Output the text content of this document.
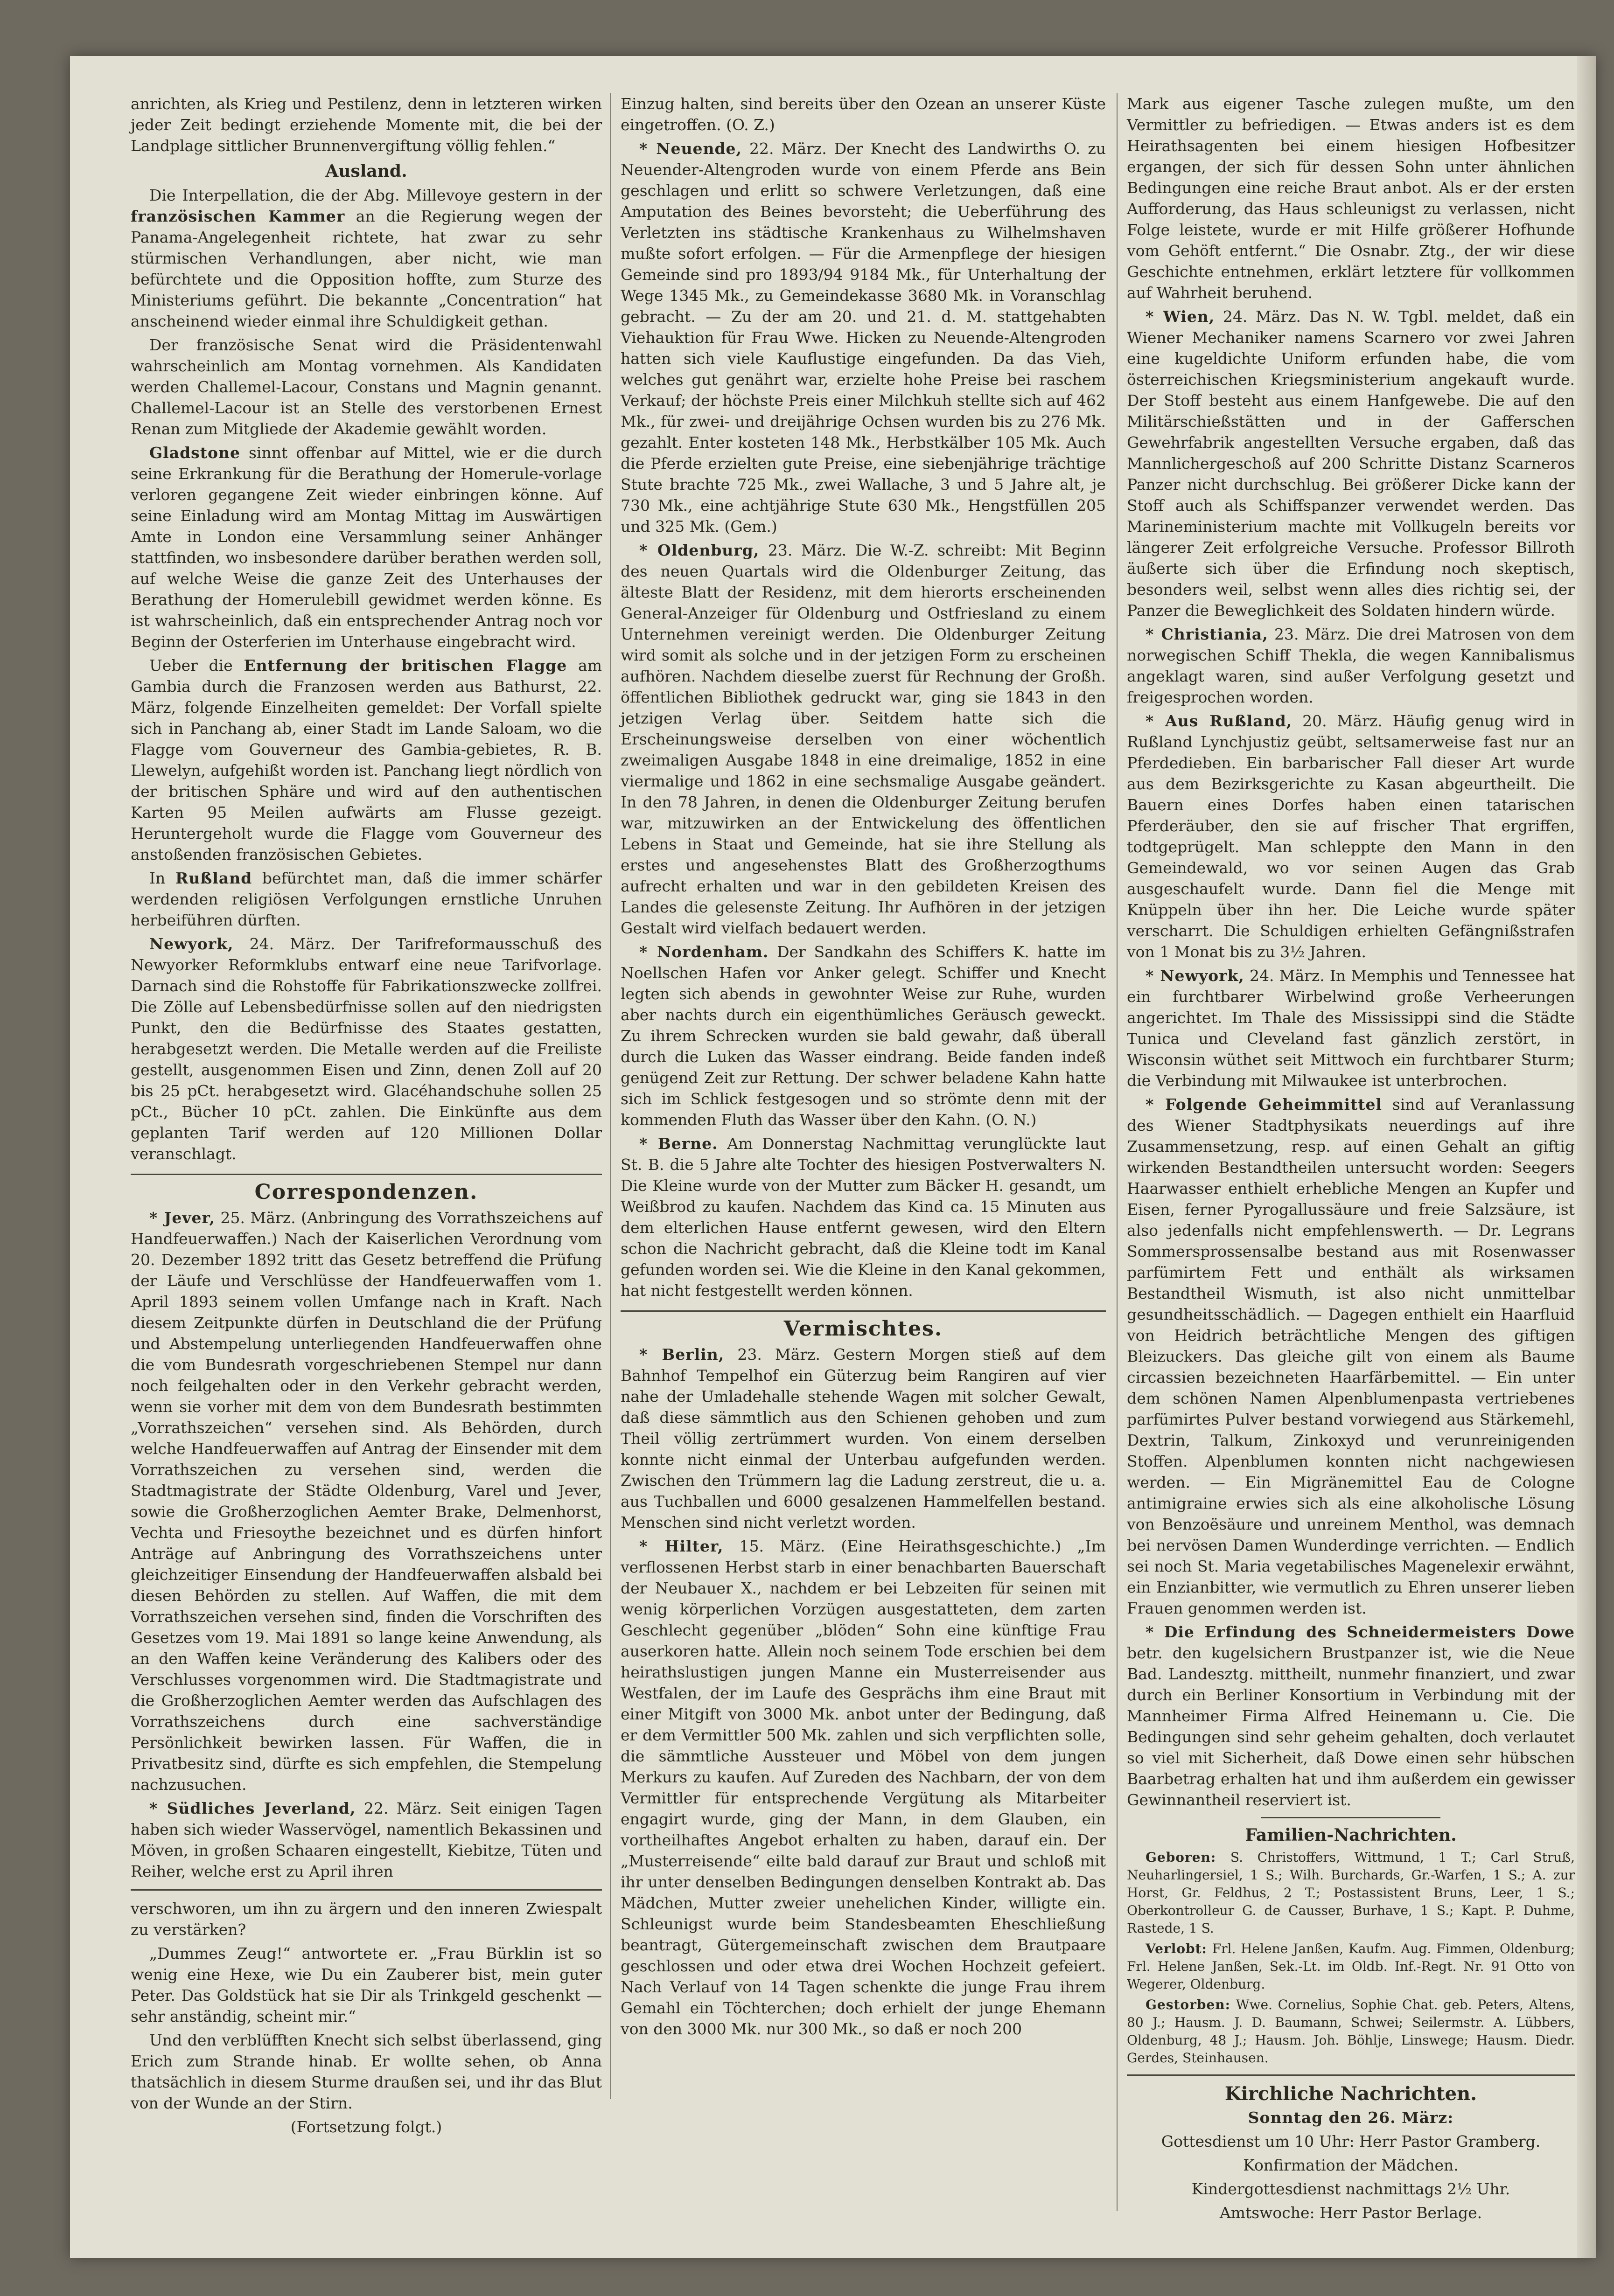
anrichten, als Krieg und Pestilenz, denn in letzteren wirken jeder Zeit bedingt erziehende Momente mit, die bei der Landplage sittlicher Brunnenvergiftung völlig fehlen.“

Ausland.

Die Interpellation, die der Abg. Millevoye gestern in der französischen Kammer an die Regierung wegen der Panama-Angelegenheit richtete, hat zwar zu sehr stürmischen Verhandlungen, aber nicht, wie man befürchtete und die Opposition hoffte, zum Sturze des Ministeriums geführt. Die bekannte „Concentration“ hat anscheinend wieder einmal ihre Schuldigkeit gethan.

Der französische Senat wird die Präsidentenwahl wahrscheinlich am Montag vornehmen. Als Kandidaten werden Challemel-Lacour, Constans und Magnin genannt. Challemel-Lacour ist an Stelle des verstorbenen Ernest Renan zum Mitgliede der Akademie gewählt worden.

Gladstone sinnt offenbar auf Mittel, wie er die durch seine Erkrankung für die Berathung der Homerule-vorlage verloren gegangene Zeit wieder einbringen könne. Auf seine Einladung wird am Montag Mittag im Auswärtigen Amte in London eine Versammlung seiner Anhänger stattfinden, wo insbesondere darüber berathen werden soll, auf welche Weise die ganze Zeit des Unterhauses der Berathung der Homerulebill gewidmet werden könne. Es ist wahrscheinlich, daß ein entsprechender Antrag noch vor Beginn der Osterferien im Unterhause eingebracht wird.

Ueber die Entfernung der britischen Flagge am Gambia durch die Franzosen werden aus Bathurst, 22. März, folgende Einzelheiten gemeldet: Der Vorfall spielte sich in Panchang ab, einer Stadt im Lande Saloam, wo die Flagge vom Gouverneur des Gambia-gebietes, R. B. Llewelyn, aufgehißt worden ist. Panchang liegt nördlich von der britischen Sphäre und wird auf den authentischen Karten 95 Meilen aufwärts am Flusse gezeigt. Heruntergeholt wurde die Flagge vom Gouverneur des anstoßenden französischen Gebietes.

In Rußland befürchtet man, daß die immer schärfer werdenden religiösen Verfolgungen ernstliche Unruhen herbeiführen dürften.

Newyork, 24. März. Der Tarifreformausschuß des Newyorker Reformklubs entwarf eine neue Tarifvorlage. Darnach sind die Rohstoffe für Fabrikationszwecke zollfrei. Die Zölle auf Lebensbedürfnisse sollen auf den niedrigsten Punkt, den die Bedürfnisse des Staates gestatten, herabgesetzt werden. Die Metalle werden auf die Freiliste gestellt, ausgenommen Eisen und Zinn, denen Zoll auf 20 bis 25 pCt. herabgesetzt wird. Glacéhandschuhe sollen 25 pCt., Bücher 10 pCt. zahlen. Die Einkünfte aus dem geplanten Tarif werden auf 120 Millionen Dollar veranschlagt.

Correspondenzen.

* Jever, 25. März. (Anbringung des Vorrathszeichens auf Handfeuerwaffen.) Nach der Kaiserlichen Verordnung vom 20. Dezember 1892 tritt das Gesetz betreffend die Prüfung der Läufe und Verschlüsse der Handfeuerwaffen vom 1. April 1893 seinem vollen Umfange nach in Kraft. Nach diesem Zeitpunkte dürfen in Deutschland die der Prüfung und Abstempelung unterliegenden Handfeuerwaffen ohne die vom Bundesrath vorgeschriebenen Stempel nur dann noch feilgehalten oder in den Verkehr gebracht werden, wenn sie vorher mit dem von dem Bundesrath bestimmten „Vorrathszeichen“ versehen sind. Als Behörden, durch welche Handfeuerwaffen auf Antrag der Einsender mit dem Vorrathszeichen zu versehen sind, werden die Stadtmagistrate der Städte Oldenburg, Varel und Jever, sowie die Großherzoglichen Aemter Brake, Delmenhorst, Vechta und Friesoythe bezeichnet und es dürfen hinfort Anträge auf Anbringung des Vorrathszeichens unter gleichzeitiger Einsendung der Handfeuerwaffen alsbald bei diesen Behörden zu stellen. Auf Waffen, die mit dem Vorrathszeichen versehen sind, finden die Vorschriften des Gesetzes vom 19. Mai 1891 so lange keine Anwendung, als an den Waffen keine Veränderung des Kalibers oder des Verschlusses vorgenommen wird. Die Stadtmagistrate und die Großherzoglichen Aemter werden das Aufschlagen des Vorrathszeichens durch eine sachverständige Persönlichkeit bewirken lassen. Für Waffen, die in Privatbesitz sind, dürfte es sich empfehlen, die Stempelung nachzusuchen.

* Südliches Jeverland, 22. März. Seit einigen Tagen haben sich wieder Wasservögel, namentlich Bekassinen und Möven, in großen Schaaren eingestellt, Kiebitze, Tüten und Reiher, welche erst zu April ihren

verschworen, um ihn zu ärgern und den inneren Zwiespalt zu verstärken?

„Dummes Zeug!“ antwortete er. „Frau Bürklin ist so wenig eine Hexe, wie Du ein Zauberer bist, mein guter Peter. Das Goldstück hat sie Dir als Trinkgeld geschenkt — sehr anständig, scheint mir.“

Und den verblüfften Knecht sich selbst überlassend, ging Erich zum Strande hinab. Er wollte sehen, ob Anna thatsächlich in diesem Sturme draußen sei, und ihr das Blut von der Wunde an der Stirn.

(Fortsetzung folgt.)

Einzug halten, sind bereits über den Ozean an unserer Küste eingetroffen. (O. Z.)

* Neuende, 22. März. Der Knecht des Landwirths O. zu Neuender-Altengroden wurde von einem Pferde ans Bein geschlagen und erlitt so schwere Verletzungen, daß eine Amputation des Beines bevorsteht; die Ueberführung des Verletzten ins städtische Krankenhaus zu Wilhelmshaven mußte sofort erfolgen. — Für die Armenpflege der hiesigen Gemeinde sind pro 1893/94 9184 Mk., für Unterhaltung der Wege 1345 Mk., zu Gemeindekasse 3680 Mk. in Voranschlag gebracht. — Zu der am 20. und 21. d. M. stattgehabten Viehauktion für Frau Wwe. Hicken zu Neuende-Altengroden hatten sich viele Kauflustige eingefunden. Da das Vieh, welches gut genährt war, erzielte hohe Preise bei raschem Verkauf; der höchste Preis einer Milchkuh stellte sich auf 462 Mk., für zwei- und dreijährige Ochsen wurden bis zu 276 Mk. gezahlt. Enter kosteten 148 Mk., Herbstkälber 105 Mk. Auch die Pferde erzielten gute Preise, eine siebenjährige trächtige Stute brachte 725 Mk., zwei Wallache, 3 und 5 Jahre alt, je 730 Mk., eine achtjährige Stute 630 Mk., Hengstfüllen 205 und 325 Mk. (Gem.)

* Oldenburg, 23. März. Die W.-Z. schreibt: Mit Beginn des neuen Quartals wird die Oldenburger Zeitung, das älteste Blatt der Residenz, mit dem hierorts erscheinenden General-Anzeiger für Oldenburg und Ostfriesland zu einem Unternehmen vereinigt werden. Die Oldenburger Zeitung wird somit als solche und in der jetzigen Form zu erscheinen aufhören. Nachdem dieselbe zuerst für Rechnung der Großh. öffentlichen Bibliothek gedruckt war, ging sie 1843 in den jetzigen Verlag über. Seitdem hatte sich die Erscheinungsweise derselben von einer wöchentlich zweimaligen Ausgabe 1848 in eine dreimalige, 1852 in eine viermalige und 1862 in eine sechsmalige Ausgabe geändert. In den 78 Jahren, in denen die Oldenburger Zeitung berufen war, mitzuwirken an der Entwickelung des öffentlichen Lebens in Staat und Gemeinde, hat sie ihre Stellung als erstes und angesehenstes Blatt des Großherzogthums aufrecht erhalten und war in den gebildeten Kreisen des Landes die gelesenste Zeitung. Ihr Aufhören in der jetzigen Gestalt wird vielfach bedauert werden.

* Nordenham. Der Sandkahn des Schiffers K. hatte im Noellschen Hafen vor Anker gelegt. Schiffer und Knecht legten sich abends in gewohnter Weise zur Ruhe, wurden aber nachts durch ein eigenthümliches Geräusch geweckt. Zu ihrem Schrecken wurden sie bald gewahr, daß überall durch die Luken das Wasser eindrang. Beide fanden indeß genügend Zeit zur Rettung. Der schwer beladene Kahn hatte sich im Schlick festgesogen und so strömte denn mit der kommenden Fluth das Wasser über den Kahn. (O. N.)

* Berne. Am Donnerstag Nachmittag verunglückte laut St. B. die 5 Jahre alte Tochter des hiesigen Postverwalters N. Die Kleine wurde von der Mutter zum Bäcker H. gesandt, um Weißbrod zu kaufen. Nachdem das Kind ca. 15 Minuten aus dem elterlichen Hause entfernt gewesen, wird den Eltern schon die Nachricht gebracht, daß die Kleine todt im Kanal gefunden worden sei. Wie die Kleine in den Kanal gekommen, hat nicht festgestellt werden können.

Vermischtes.

* Berlin, 23. März. Gestern Morgen stieß auf dem Bahnhof Tempelhof ein Güterzug beim Rangiren auf vier nahe der Umladehalle stehende Wagen mit solcher Gewalt, daß diese sämmtlich aus den Schienen gehoben und zum Theil völlig zertrümmert wurden. Von einem derselben konnte nicht einmal der Unterbau aufgefunden werden. Zwischen den Trümmern lag die Ladung zerstreut, die u. a. aus Tuchballen und 6000 gesalzenen Hammelfellen bestand. Menschen sind nicht verletzt worden.

* Hilter, 15. März. (Eine Heirathsgeschichte.) „Im verflossenen Herbst starb in einer benachbarten Bauerschaft der Neubauer X., nachdem er bei Lebzeiten für seinen mit wenig körperlichen Vorzügen ausgestatteten, dem zarten Geschlecht gegenüber „blöden“ Sohn eine künftige Frau auserkoren hatte. Allein noch seinem Tode erschien bei dem heirathslustigen jungen Manne ein Musterreisender aus Westfalen, der im Laufe des Gesprächs ihm eine Braut mit einer Mitgift von 3000 Mk. anbot unter der Bedingung, daß er dem Vermittler 500 Mk. zahlen und sich verpflichten solle, die sämmtliche Aussteuer und Möbel von dem jungen Merkurs zu kaufen. Auf Zureden des Nachbarn, der von dem Vermittler für entsprechende Vergütung als Mitarbeiter engagirt wurde, ging der Mann, in dem Glauben, ein vortheilhaftes Angebot erhalten zu haben, darauf ein. Der „Musterreisende“ eilte bald darauf zur Braut und schloß mit ihr unter denselben Bedingungen denselben Kontrakt ab. Das Mädchen, Mutter zweier unehelichen Kinder, willigte ein. Schleunigst wurde beim Standesbeamten Eheschließung beantragt, Gütergemeinschaft zwischen dem Brautpaare geschlossen und oder etwa drei Wochen Hochzeit gefeiert. Nach Verlauf von 14 Tagen schenkte die junge Frau ihrem Gemahl ein Töchterchen; doch erhielt der junge Ehemann von den 3000 Mk. nur 300 Mk., so daß er noch 200

Mark aus eigener Tasche zulegen mußte, um den Vermittler zu befriedigen. — Etwas anders ist es dem Heirathsagenten bei einem hiesigen Hofbesitzer ergangen, der sich für dessen Sohn unter ähnlichen Bedingungen eine reiche Braut anbot. Als er der ersten Aufforderung, das Haus schleunigst zu verlassen, nicht Folge leistete, wurde er mit Hilfe größerer Hofhunde vom Gehöft entfernt.“ Die Osnabr. Ztg., der wir diese Geschichte entnehmen, erklärt letztere für vollkommen auf Wahrheit beruhend.

* Wien, 24. März. Das N. W. Tgbl. meldet, daß ein Wiener Mechaniker namens Scarnero vor zwei Jahren eine kugeldichte Uniform erfunden habe, die vom österreichischen Kriegsministerium angekauft wurde. Der Stoff besteht aus einem Hanfgewebe. Die auf den Militärschießstätten und in der Gafferschen Gewehrfabrik angestellten Versuche ergaben, daß das Mannlichergeschoß auf 200 Schritte Distanz Scarneros Panzer nicht durchschlug. Bei größerer Dicke kann der Stoff auch als Schiffspanzer verwendet werden. Das Marineministerium machte mit Vollkugeln bereits vor längerer Zeit erfolgreiche Versuche. Professor Billroth äußerte sich über die Erfindung noch skeptisch, besonders weil, selbst wenn alles dies richtig sei, der Panzer die Beweglichkeit des Soldaten hindern würde.

* Christiania, 23. März. Die drei Matrosen von dem norwegischen Schiff Thekla, die wegen Kannibalismus angeklagt waren, sind außer Verfolgung gesetzt und freigesprochen worden.

* Aus Rußland, 20. März. Häufig genug wird in Rußland Lynchjustiz geübt, seltsamerweise fast nur an Pferdedieben. Ein barbarischer Fall dieser Art wurde aus dem Bezirksgerichte zu Kasan abgeurtheilt. Die Bauern eines Dorfes haben einen tatarischen Pferderäuber, den sie auf frischer That ergriffen, todtgeprügelt. Man schleppte den Mann in den Gemeindewald, wo vor seinen Augen das Grab ausgeschaufelt wurde. Dann fiel die Menge mit Knüppeln über ihn her. Die Leiche wurde später verscharrt. Die Schuldigen erhielten Gefängnißstrafen von 1 Monat bis zu 3½ Jahren.

* Newyork, 24. März. In Memphis und Tennessee hat ein furchtbarer Wirbelwind große Verheerungen angerichtet. Im Thale des Mississippi sind die Städte Tunica und Cleveland fast gänzlich zerstört, in Wisconsin wüthet seit Mittwoch ein furchtbarer Sturm; die Verbindung mit Milwaukee ist unterbrochen.

* Folgende Geheimmittel sind auf Veranlassung des Wiener Stadtphysikats neuerdings auf ihre Zusammensetzung, resp. auf einen Gehalt an giftig wirkenden Bestandtheilen untersucht worden: Seegers Haarwasser enthielt erhebliche Mengen an Kupfer und Eisen, ferner Pyrogallussäure und freie Salzsäure, ist also jedenfalls nicht empfehlenswerth. — Dr. Legrans Sommersprossensalbe bestand aus mit Rosenwasser parfümirtem Fett und enthält als wirksamen Bestandtheil Wismuth, ist also nicht unmittelbar gesundheitsschädlich. — Dagegen enthielt ein Haarfluid von Heidrich beträchtliche Mengen des giftigen Bleizuckers. Das gleiche gilt von einem als Baume circassien bezeichneten Haarfärbemittel. — Ein unter dem schönen Namen Alpenblumenpasta vertriebenes parfümirtes Pulver bestand vorwiegend aus Stärkemehl, Dextrin, Talkum, Zinkoxyd und verunreinigenden Stoffen. Alpenblumen konnten nicht nachgewiesen werden. — Ein Migränemittel Eau de Cologne antimigraine erwies sich als eine alkoholische Lösung von Benzoësäure und unreinem Menthol, was demnach bei nervösen Damen Wunderdinge verrichten. — Endlich sei noch St. Maria vegetabilisches Magenelexir erwähnt, ein Enzianbitter, wie vermutlich zu Ehren unserer lieben Frauen genommen werden ist.

* Die Erfindung des Schneidermeisters Dowe betr. den kugelsichern Brustpanzer ist, wie die Neue Bad. Landesztg. mittheilt, nunmehr finanziert, und zwar durch ein Berliner Konsortium in Verbindung mit der Mannheimer Firma Alfred Heinemann u. Cie. Die Bedingungen sind sehr geheim gehalten, doch verlautet so viel mit Sicherheit, daß Dowe einen sehr hübschen Baarbetrag erhalten hat und ihm außerdem ein gewisser Gewinnantheil reserviert ist.

Familien-Nachrichten.

Geboren: S. Christoffers, Wittmund, 1 T.; Carl Struß, Neuharlingersiel, 1 S.; Wilh. Burchards, Gr.-Warfen, 1 S.; A. zur Horst, Gr. Feldhus, 2 T.; Postassistent Bruns, Leer, 1 S.; Oberkontrolleur G. de Causser, Burhave, 1 S.; Kapt. P. Duhme, Rastede, 1 S.

Verlobt: Frl. Helene Janßen, Kaufm. Aug. Fimmen, Oldenburg; Frl. Helene Janßen, Sek.-Lt. im Oldb. Inf.-Regt. Nr. 91 Otto von Wegerer, Oldenburg.

Gestorben: Wwe. Cornelius, Sophie Chat. geb. Peters, Altens, 80 J.; Hausm. J. D. Baumann, Schwei; Seilermstr. A. Lübbers, Oldenburg, 48 J.; Hausm. Joh. Böhlje, Linswege; Hausm. Diedr. Gerdes, Steinhausen.

Kirchliche Nachrichten.

Sonntag den 26. März:

Gottesdienst um 10 Uhr: Herr Pastor Gramberg.

Konfirmation der Mädchen.

Kindergottesdienst nachmittags 2½ Uhr.

Amtswoche: Herr Pastor Berlage.
